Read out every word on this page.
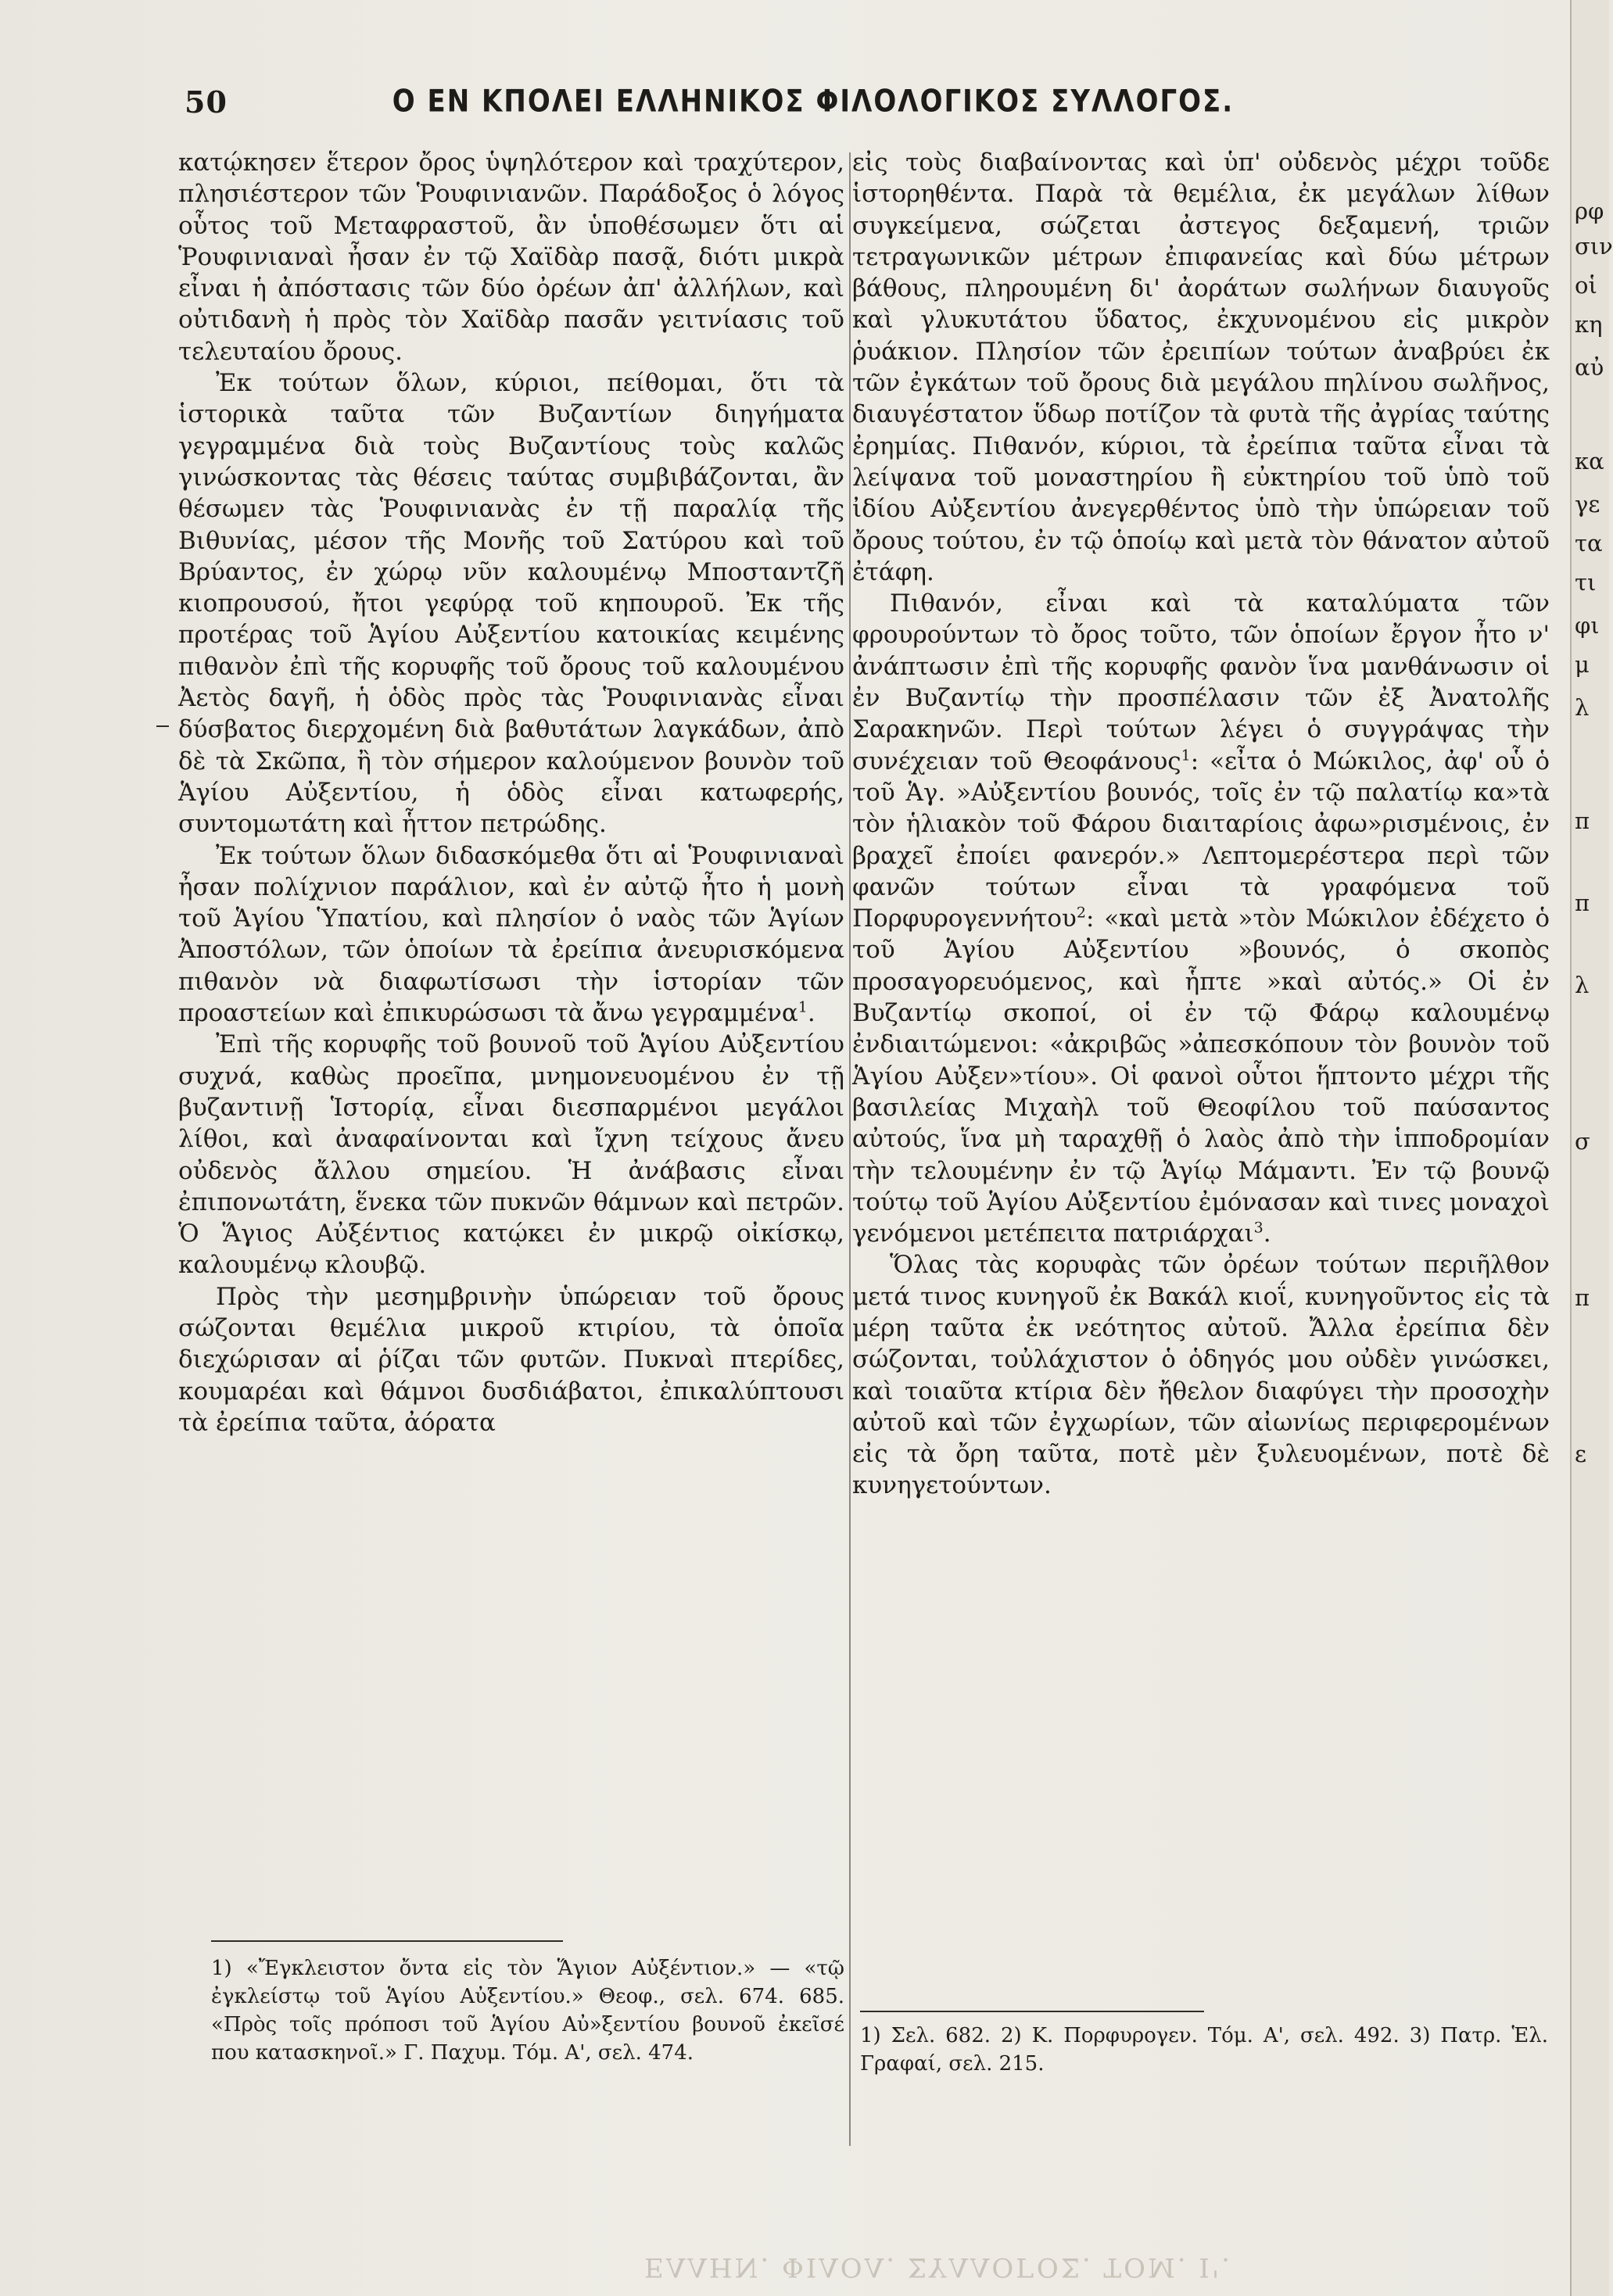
50	Ο ΕΝ ΚΠΟΛΕΙ ΕΛΛΗΝΙΚΟΣ ΦΙΛΟΛΟΓΙΚΟΣ ΣΥΛΛΟΓΟΣ.

κατῴκησεν ἕτερον ὄρος ὑψηλότερον καὶ τραχύτερον, πλησιέστερον τῶν Ῥουφινιανῶν. Παράδοξος ὁ λόγος οὗτος τοῦ Μεταφραστοῦ, ἂν ὑποθέσωμεν ὅτι αἱ Ῥουφινιαναὶ ἦσαν ἐν τῷ Χαϊδὰρ πασᾷ, διότι μικρὰ εἶναι ἡ ἀπόστασις τῶν δύο ὀρέων ἀπ' ἀλλήλων, καὶ οὐτιδανὴ ἡ πρὸς τὸν Χαϊδὰρ πασᾶν γειτνίασις τοῦ τελευταίου ὄρους.

Ἐκ τούτων ὅλων, κύριοι, πείθομαι, ὅτι τὰ ἱστορικὰ ταῦτα τῶν Βυζαντίων διηγήματα γεγραμμένα διὰ τοὺς Βυζαντίους τοὺς καλῶς γινώσκοντας τὰς θέσεις ταύτας συμβιβάζονται, ἂν θέσωμεν τὰς Ῥουφινιανὰς ἐν τῇ παραλίᾳ τῆς Βιθυνίας, μέσον τῆς Μονῆς τοῦ Σατύρου καὶ τοῦ Βρύαντος, ἐν χώρῳ νῦν καλουμένῳ Μποσταντζῆ κιοπρουσού, ἤτοι γεφύρᾳ τοῦ κηπουροῦ. Ἐκ τῆς προτέρας τοῦ Ἁγίου Αὐξεντίου κατοικίας κειμένης πιθανὸν ἐπὶ τῆς κορυφῆς τοῦ ὄρους τοῦ καλουμένου Ἀετὸς δαγῆ, ἡ ὁδὸς πρὸς τὰς Ῥουφινιανὰς εἶναι δύσβατος διερχομένη διὰ βαθυτάτων λαγκάδων, ἀπὸ δὲ τὰ Σκῶπα, ἢ τὸν σήμερον καλούμενον βουνὸν τοῦ Ἁγίου Αὐξεντίου, ἡ ὁδὸς εἶναι κατωφερής, συντομωτάτη καὶ ἧττον πετρώδης.

Ἐκ τούτων ὅλων διδασκόμεθα ὅτι αἱ Ῥουφινιαναὶ ἦσαν πολίχνιον παράλιον, καὶ ἐν αὐτῷ ἦτο ἡ μονὴ τοῦ Ἁγίου Ὑπατίου, καὶ πλησίον ὁ ναὸς τῶν Ἁγίων Ἀποστόλων, τῶν ὁποίων τὰ ἐρείπια ἀνευρισκόμενα πιθανὸν νὰ διαφωτίσωσι τὴν ἱστορίαν τῶν προαστείων καὶ ἐπικυρώσωσι τὰ ἄνω γεγραμμένα$^1$.

Ἐπὶ τῆς κορυφῆς τοῦ βουνοῦ τοῦ Ἁγίου Αὐξεντίου συχνά, καθὼς προεῖπα, μνημονευομένου ἐν τῇ βυζαντινῇ Ἱστορίᾳ, εἶναι διεσπαρμένοι μεγάλοι λίθοι, καὶ ἀναφαίνονται καὶ ἴχνη τείχους ἄνευ οὐδενὸς ἄλλου σημείου. Ἡ ἀνάβασις εἶναι ἐπιπονωτάτη, ἕνεκα τῶν πυκνῶν θάμνων καὶ πετρῶν. Ὁ Ἅγιος Αὐξέντιος κατῴκει ἐν μικρῷ οἰκίσκῳ, καλουμένῳ κλουβῷ.

Πρὸς τὴν μεσημβρινὴν ὑπώρειαν τοῦ ὄρους σώζονται θεμέλια μικροῦ κτιρίου, τὰ ὁποῖα διεχώρισαν αἱ ῥίζαι τῶν φυτῶν. Πυκναὶ πτερίδες, κουμαρέαι καὶ θάμνοι δυσδιάβατοι, ἐπικαλύπτουσι τὰ ἐρείπια ταῦτα, ἀόρατα

εἰς τοὺς διαβαίνοντας καὶ ὑπ' οὐδενὸς μέχρι τοῦδε ἱστορηθέντα. Παρὰ τὰ θεμέλια, ἐκ μεγάλων λίθων συγκείμενα, σώζεται ἀστεγος δεξαμενή, τριῶν τετραγωνικῶν μέτρων ἐπιφανείας καὶ δύω μέτρων βάθους, πληρουμένη δι' ἀοράτων σωλήνων διαυγοῦς καὶ γλυκυτάτου ὕδατος, ἐκχυνομένου εἰς μικρὸν ῥυάκιον. Πλησίον τῶν ἐρειπίων τούτων ἀναβρύει ἐκ τῶν ἐγκάτων τοῦ ὄρους διὰ μεγάλου πηλίνου σωλῆνος, διαυγέστατον ὕδωρ ποτίζον τὰ φυτὰ τῆς ἀγρίας ταύτης ἐρημίας. Πιθανόν, κύριοι, τὰ ἐρείπια ταῦτα εἶναι τὰ λείψανα τοῦ μοναστηρίου ἢ εὐκτηρίου τοῦ ὑπὸ τοῦ ἰδίου Αὐξεντίου ἀνεγερθέντος ὑπὸ τὴν ὑπώρειαν τοῦ ὄρους τούτου, ἐν τῷ ὁποίῳ καὶ μετὰ τὸν θάνατον αὐτοῦ ἐτάφη.

Πιθανόν, εἶναι καὶ τὰ καταλύματα τῶν φρουρούντων τὸ ὄρος τοῦτο, τῶν ὁποίων ἔργον ἦτο ν' ἀνάπτωσιν ἐπὶ τῆς κορυφῆς φανὸν ἵνα μανθάνωσιν οἱ ἐν Βυζαντίῳ τὴν προσπέλασιν τῶν ἐξ Ἀνατολῆς Σαρακηνῶν. Περὶ τούτων λέγει ὁ συγγράψας τὴν συνέχειαν τοῦ Θεοφάνους$^1$: «εἶτα ὁ Μώκιλος, ἀφ' οὗ ὁ τοῦ Ἁγ. »Αὐξεντίου βουνός, τοῖς ἐν τῷ παλατίῳ κα»τὰ τὸν ἡλιακὸν τοῦ Φάρου διαιταρίοις ἀφω»ρισμένοις, ἐν βραχεῖ ἐποίει φανερόν.» Λεπτομερέστερα περὶ τῶν φανῶν τούτων εἶναι τὰ γραφόμενα τοῦ Πορφυρογεννήτου$^2$: «καὶ μετὰ »τὸν Μώκιλον ἐδέχετο ὁ τοῦ Ἁγίου Αὐξεντίου »βουνός, ὁ σκοπὸς προσαγορευόμενος, καὶ ἧπτε »καὶ αὐτός.» Οἱ ἐν Βυζαντίῳ σκοποί, οἱ ἐν τῷ Φάρῳ καλουμένῳ ἐνδιαιτώμενοι: «ἀκριβῶς »ἀπεσκόπουν τὸν βουνὸν τοῦ Ἁγίου Αὐξεν»τίου». Οἱ φανοὶ οὗτοι ἥπτοντο μέχρι τῆς βασιλείας Μιχαὴλ τοῦ Θεοφίλου τοῦ παύσαντος αὐτούς, ἵνα μὴ ταραχθῇ ὁ λαὸς ἀπὸ τὴν ἱπποδρομίαν τὴν τελουμένην ἐν τῷ Ἁγίῳ Μάμαντι. Ἐν τῷ βουνῷ τούτῳ τοῦ Ἁγίου Αὐξεντίου ἐμόνασαν καὶ τινες μοναχοὶ γενόμενοι μετέπειτα πατριάρχαι$^3$.

Ὅλας τὰς κορυφὰς τῶν ὀρέων τούτων περιῆλθον μετά τινος κυνηγοῦ ἐκ Βακάλ κιοΐ, κυνηγοῦντος εἰς τὰ μέρη ταῦτα ἐκ νεότητος αὐτοῦ. Ἄλλα ἐρείπια δὲν σώζονται, τοὐλάχιστον ὁ ὁδηγός μου οὐδὲν γινώσκει, καὶ τοιαῦτα κτίρια δὲν ἤθελον διαφύγει τὴν προσοχὴν αὐτοῦ καὶ τῶν ἐγχωρίων, τῶν αἰωνίως περιφερομένων εἰς τὰ ὄρη ταῦτα, ποτὲ μὲν ξυλευομένων, ποτὲ δὲ κυνηγετούντων.

1) «Ἔγκλειστον ὄντα εἰς τὸν Ἅγιον Αὐξέντιον.» — «τῷ ἐγκλείστῳ τοῦ Ἁγίου Αὐξεντίου.» Θεοφ., σελ. 674. 685. «Πρὸς τοῖς πρόποσι τοῦ Ἁγίου Αὐ»ξεντίου βουνοῦ ἐκεῖσέ που κατασκηνοῖ.» Γ. Παχυμ. Τόμ. Α', σελ. 474.

1) Σελ. 682. 2) Κ. Πορφυρογεν. Τόμ. Α', σελ. 492. 3) Πατρ. Ἑλ. Γραφαί, σελ. 215.

ΕΛΛΗΝ. ΦΙΛΟΛ. ΣΥΛΛΟΓΟΣ. ΤΟΜ. Ι'.
ρφ
σιν
οἱ
κη
αὐ
κα
γε
τα
τι
φι
μ
λ
π
π
λ
σ
π
ε
